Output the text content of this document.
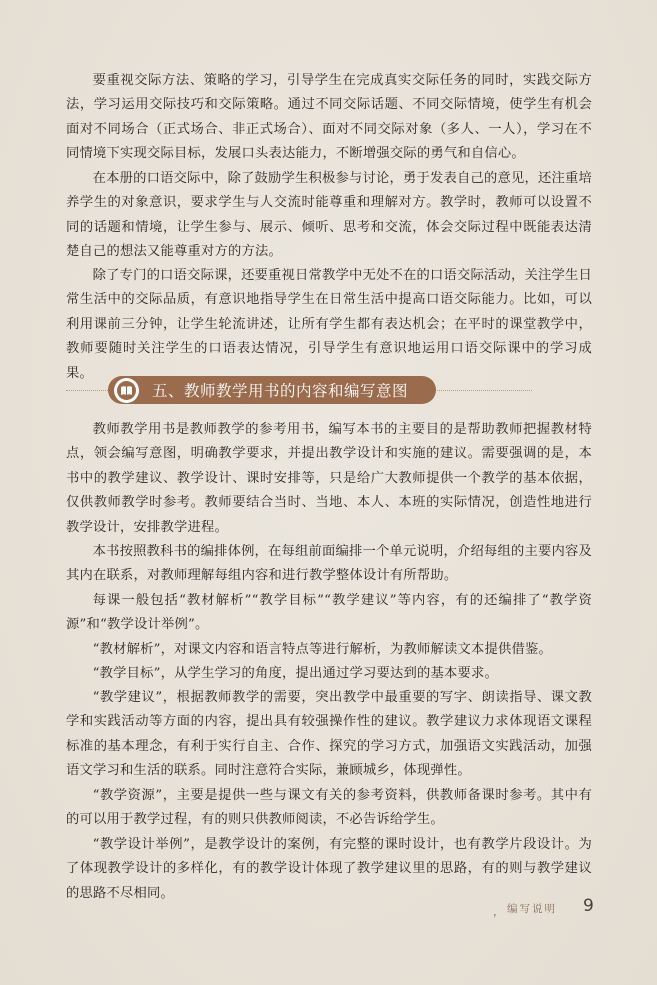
要重视交际方法、策略的学习，引导学生在完成真实交际任务的同时，实践交际方法，学习运用交际技巧和交际策略。通过不同交际话题、不同交际情境，使学生有机会面对不同场合（正式场合、非正式场合）、面对不同交际对象（多人、一人），学习在不同情境下实现交际目标，发展口头表达能力，不断增强交际的勇气和自信心。

在本册的口语交际中，除了鼓励学生积极参与讨论，勇于发表自己的意见，还注重培养学生的对象意识，要求学生与人交流时能尊重和理解对方。教学时，教师可以设置不同的话题和情境，让学生参与、展示、倾听、思考和交流，体会交际过程中既能表达清楚自己的想法又能尊重对方的方法。

除了专门的口语交际课，还要重视日常教学中无处不在的口语交际活动，关注学生日常生活中的交际品质，有意识地指导学生在日常生活中提高口语交际能力。比如，可以利用课前三分钟，让学生轮流讲述，让所有学生都有表达机会；在平时的课堂教学中，教师要随时关注学生的口语表达情况，引导学生有意识地运用口语交际课中的学习成果。

五、教师教学用书的内容和编写意图

教师教学用书是教师教学的参考用书，编写本书的主要目的是帮助教师把握教材特点，领会编写意图，明确教学要求，并提出教学设计和实施的建议。需要强调的是，本书中的教学建议、教学设计、课时安排等，只是给广大教师提供一个教学的基本依据，仅供教师教学时参考。教师要结合当时、当地、本人、本班的实际情况，创造性地进行教学设计，安排教学进程。

本书按照教科书的编排体例，在每组前面编排一个单元说明，介绍每组的主要内容及其内在联系，对教师理解每组内容和进行教学整体设计有所帮助。

每课一般包括“教材解析”“教学目标”“教学建议”等内容，有的还编排了“教学资源”和“教学设计举例”。

“教材解析”，对课文内容和语言特点等进行解析，为教师解读文本提供借鉴。

“教学目标”，从学生学习的角度，提出通过学习要达到的基本要求。

“教学建议”，根据教师教学的需要，突出教学中最重要的写字、朗读指导、课文教学和实践活动等方面的内容，提出具有较强操作性的建议。教学建议力求体现语文课程标准的基本理念，有利于实行自主、合作、探究的学习方式，加强语文实践活动，加强语文学习和生活的联系。同时注意符合实际，兼顾城乡，体现弹性。

“教学资源”，主要是提供一些与课文有关的参考资料，供教师备课时参考。其中有的可以用于教学过程，有的则只供教师阅读，不必告诉给学生。

“教学设计举例”，是教学设计的案例，有完整的课时设计，也有教学片段设计。为了体现教学设计的多样化，有的教学设计体现了教学建议里的思路，有的则与教学建议的思路不尽相同。

， 编写说明 9
